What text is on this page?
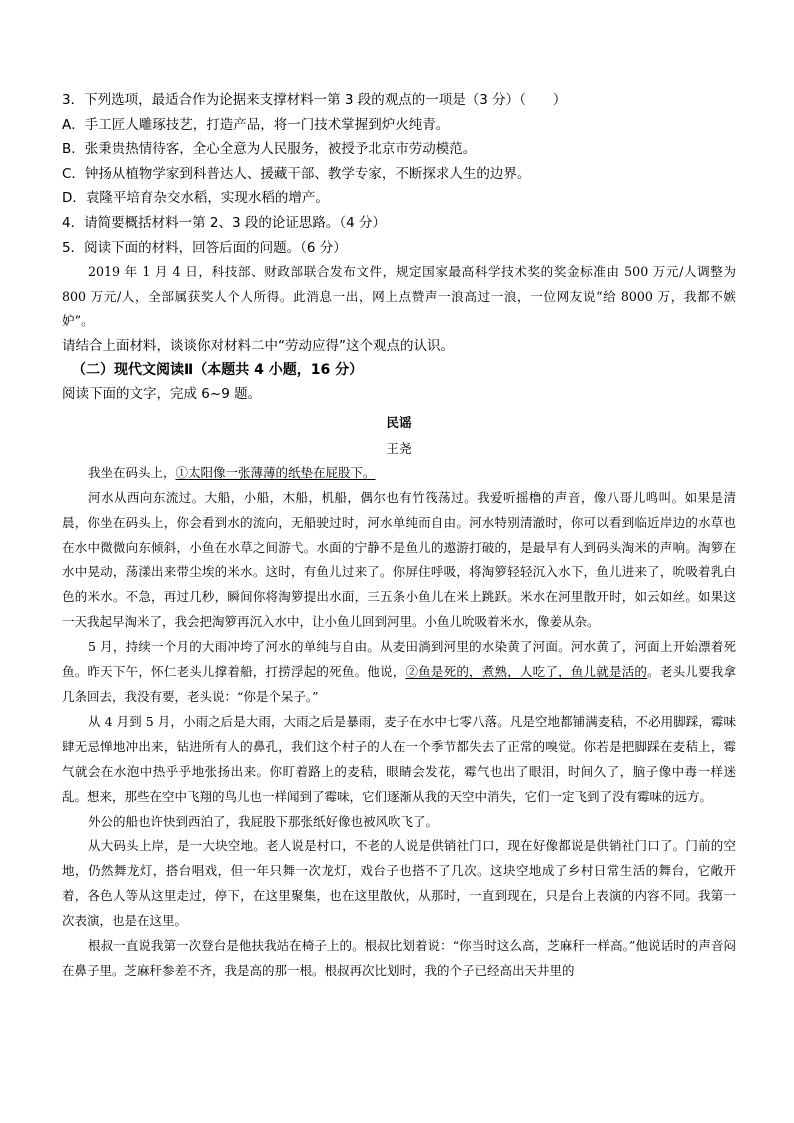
3．下列选项，最适合作为论据来支撑材料一第 3 段的观点的一项是（3 分）（　　）
A．手工匠人雕琢技艺，打造产品，将一门技术掌握到炉火纯青。
B．张秉贵热情待客，全心全意为人民服务，被授予北京市劳动模范。
C．钟扬从植物学家到科普达人、援藏干部、教学专家，不断探求人生的边界。
D．袁隆平培育杂交水稻，实现水稻的增产。
4．请简要概括材料一第 2、3 段的论证思路。（4 分）
5．阅读下面的材料，回答后面的问题。（6 分）

2019 年 1 月 4 日，科技部、财政部联合发布文件，规定国家最高科学技术奖的奖金标准由 500 万元/人调整为 800 万元/人，全部属获奖人个人所得。此消息一出，网上点赞声一浪高过一浪，一位网友说“给 8000 万，我都不嫉妒”。

请结合上面材料，谈谈你对材料二中“劳动应得”这个观点的认识。
（二）现代文阅读Ⅱ（本题共 4 小题，16 分）
阅读下面的文字，完成 6~9 题。
民谣
王尧

我坐在码头上，①太阳像一张薄薄的纸垫在屁股下。

河水从西向东流过。大船，小船，木船，机船，偶尔也有竹筏荡过。我爱听摇橹的声音，像八哥儿鸣叫。如果是清晨，你坐在码头上，你会看到水的流向，无船驶过时，河水单纯而自由。河水特别清澈时，你可以看到临近岸边的水草也在水中微微向东倾斜，小鱼在水草之间游弋。水面的宁静不是鱼儿的遨游打破的，是最早有人到码头淘米的声响。淘箩在水中晃动，荡漾出来带尘埃的米水。这时，有鱼儿过来了。你屏住呼吸，将淘箩轻轻沉入水下，鱼儿进来了，吮吸着乳白色的米水。不急，再过几秒，瞬间你将淘箩提出水面，三五条小鱼儿在米上跳跃。米水在河里散开时，如云如丝。如果这一天我起早淘米了，我会把淘箩再沉入水中，让小鱼儿回到河里。小鱼儿吮吸着米水，像姜从杂。

5 月，持续一个月的大雨冲垮了河水的单纯与自由。从麦田淌到河里的水染黄了河面。河水黄了，河面上开始漂着死鱼。昨天下午，怀仁老头儿撑着船，打捞浮起的死鱼。他说，②鱼是死的，煮熟，人吃了，鱼儿就是活的。老头儿要我拿几条回去，我没有要，老头说：“你是个呆子。”

从 4 月到 5 月，小雨之后是大雨，大雨之后是暴雨，麦子在水中七零八落。凡是空地都铺满麦秸，不必用脚踩，霉味肆无忌惮地冲出来，钻进所有人的鼻孔，我们这个村子的人在一个季节都失去了正常的嗅觉。你若是把脚踩在麦秸上，霉气就会在水泡中热乎乎地张扬出来。你盯着路上的麦秸，眼睛会发花，霉气也出了眼泪，时间久了，脑子像中毒一样迷乱。想来，那些在空中飞翔的鸟儿也一样闻到了霉味，它们逐渐从我的天空中消失，它们一定飞到了没有霉味的远方。

外公的船也许快到西泊了，我屁股下那张纸好像也被风吹飞了。

从大码头上岸，是一大块空地。老人说是村口，不老的人说是供销社门口，现在好像都说是供销社门口了。门前的空地，仍然舞龙灯，搭台唱戏，但一年只舞一次龙灯，戏台子也搭不了几次。这块空地成了乡村日常生活的舞台，它敞开着，各色人等从这里走过，停下，在这里聚集，也在这里散伙，从那时，一直到现在，只是台上表演的内容不同。我第一次表演，也是在这里。

根叔一直说我第一次登台是他扶我站在椅子上的。根叔比划着说：“你当时这么高，芝麻秆一样高。”他说话时的声音闷在鼻子里。芝麻秆参差不齐，我是高的那一根。根叔再次比划时，我的个子已经高出天井里的
